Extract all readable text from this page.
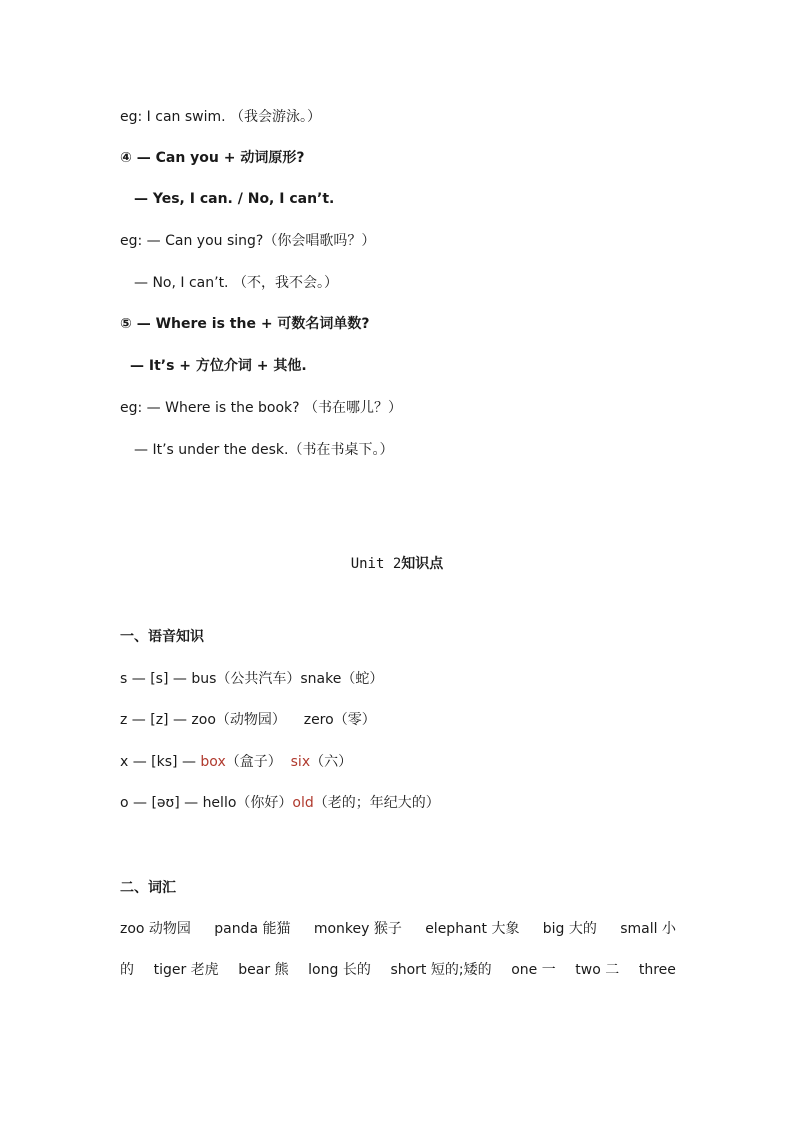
eg: I can swim. （我会游泳。）
④ — Can you + 动词原形?
— Yes, I can. / No, I can’t.
eg: — Can you sing?（你会唱歌吗？）
— No, I can’t. （不，我不会。）
⑤ — Where is the + 可数名词单数?
— It’s + 方位介词 + 其他.
eg: — Where is the book? （书在哪儿？）
— It’s under the desk.（书在书桌下。）
Unit 2知识点
一、语音知识
s — [s] — bus（公共汽车）snake（蛇）
z — [z] — zoo（动物园）    zero（零）
x — [ks] — box（盒子）  six（六）
o — [əʊ] — hello（你好）old（老的；年纪大的）
二、词汇
zoo 动物园 panda 能猫 monkey 猴子 elephant 大象 big 大的 small 小
的 tiger 老虎 bear 熊 long 长的 short 短的;矮的 one 一 two 二 three
